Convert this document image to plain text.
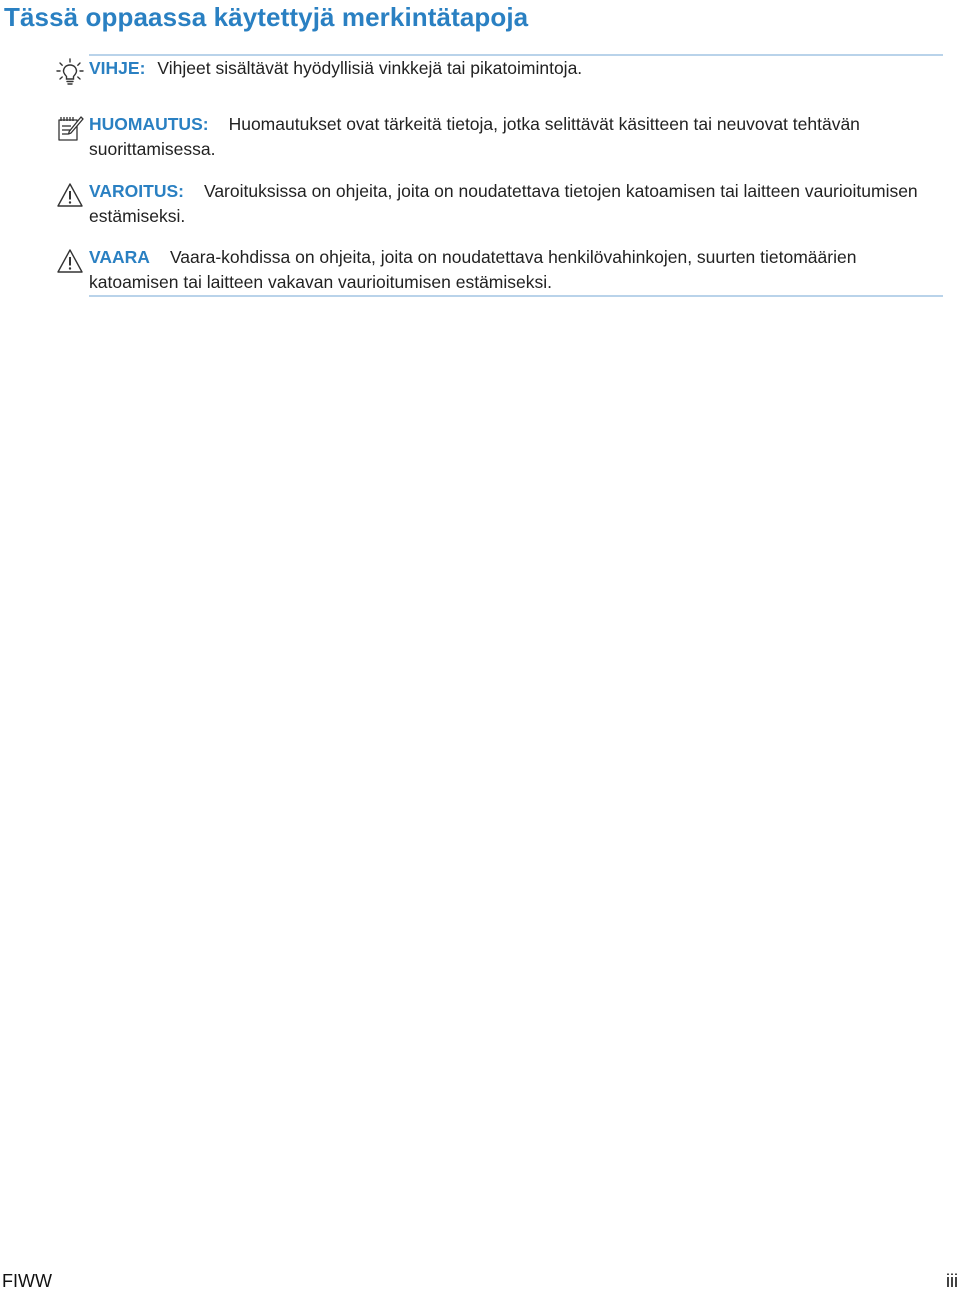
Tässä oppaassa käytettyjä merkintätapoja
VIHJE: Vihjeet sisältävät hyödyllisiä vinkkejä tai pikatoimintoja.
HUOMAUTUS: Huomautukset ovat tärkeitä tietoja, jotka selittävät käsitteen tai neuvovat tehtävän suorittamisessa.
VAROITUS: Varoituksissa on ohjeita, joita on noudatettava tietojen katoamisen tai laitteen vaurioitumisen estämiseksi.
VAARA Vaara-kohdissa on ohjeita, joita on noudatettava henkilövahinkojen, suurten tietomäärien katoamisen tai laitteen vakavan vaurioitumisen estämiseksi.
FIWW	iii
